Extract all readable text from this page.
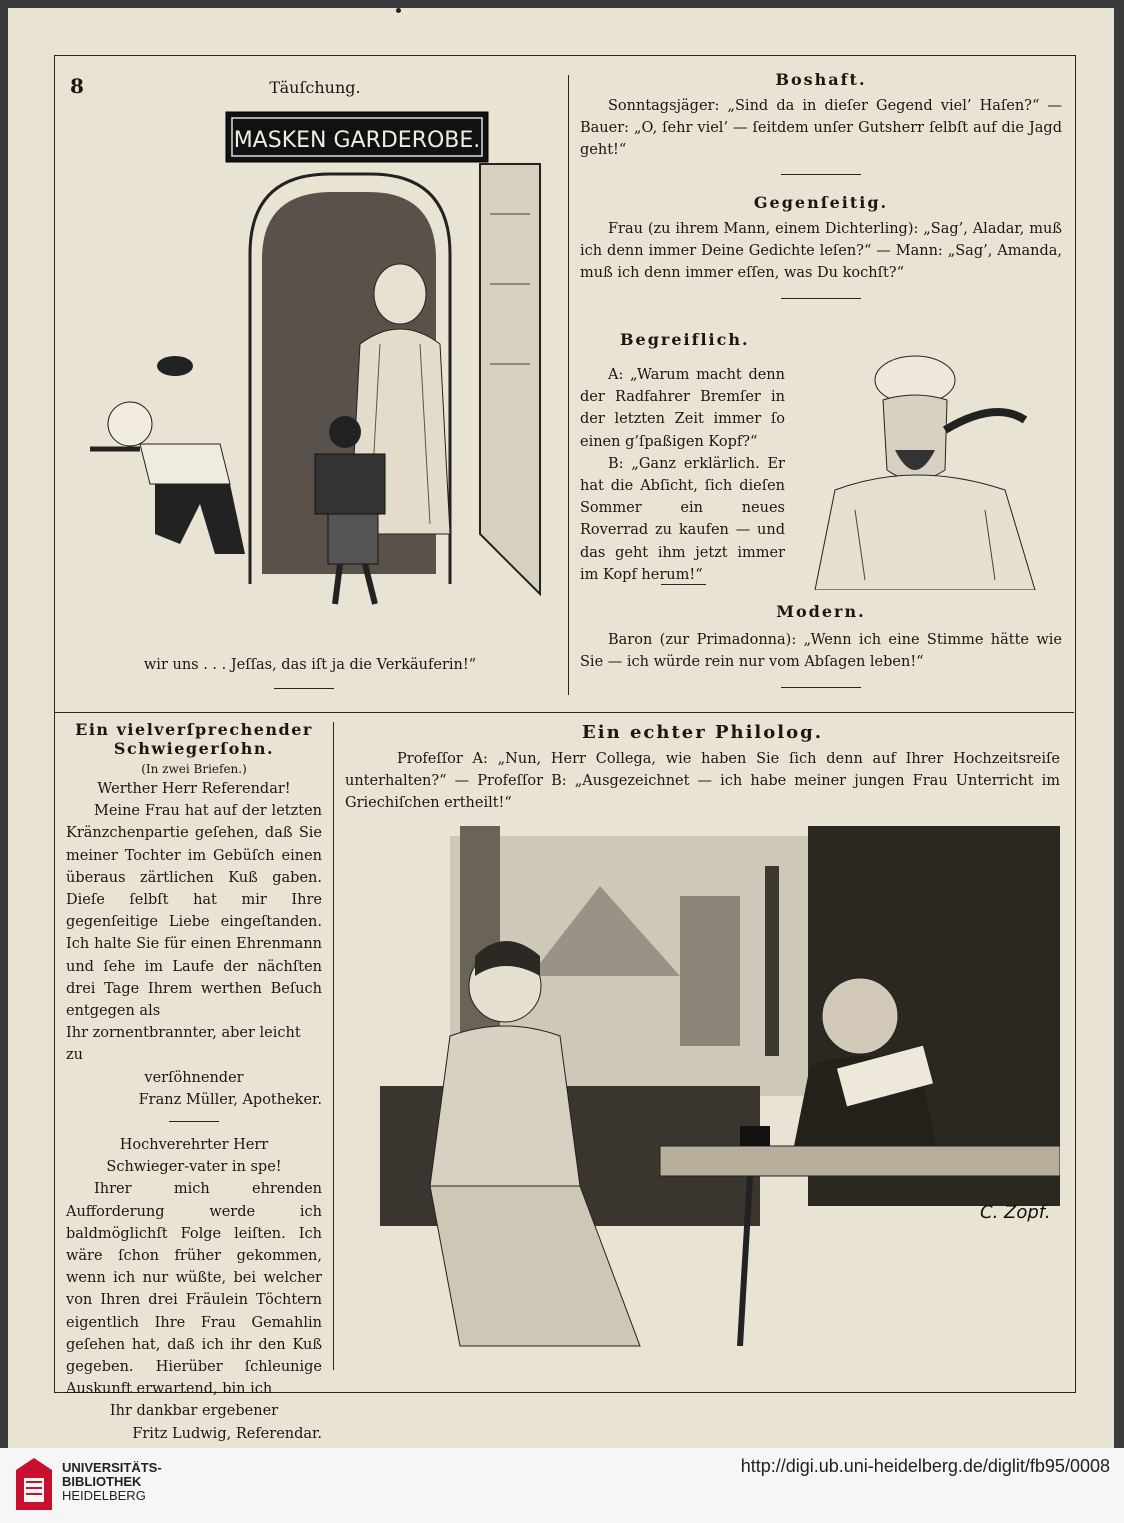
8	Täuſchung.
MASKEN GARDEROBE.
wir uns . . . Jeſſas, das iſt ja die Verkäuferin!“
Boshaft.

Sonntagsjäger: „Sind da in dieſer Gegend viel’ Haſen?“ — Bauer: „O, ſehr viel’ — ſeitdem unſer Gutsherr ſelbſt auf die Jagd geht!“

Gegenſeitig.

Frau (zu ihrem Mann, einem Dichterling): „Sag’, Aladar, muß ich denn immer Deine Gedichte leſen?“ — Mann: „Sag’, Amanda, muß ich denn immer eſſen, was Du kochſt?“

Begreiflich.

A: „Warum macht denn der Radfahrer Bremſer in der letzten Zeit immer ſo einen g’ſpaßigen Kopf?“

B: „Ganz erklärlich. Er hat die Abſicht, ſich dieſen Sommer ein neues Roverrad zu kaufen — und das geht ihm jetzt immer im Kopf herum!“

Modern.

Baron (zur Primadonna): „Wenn ich eine Stimme hätte wie Sie — ich würde rein nur vom Abſagen leben!“

Ein vielverſprechender
Schwiegerſohn.
(In zwei Briefen.)
Werther Herr Referendar!

Meine Frau hat auf der letzten Kränzchenpartie geſehen, daß Sie meiner Tochter im Gebüſch einen überaus zärtlichen Kuß gaben. Dieſe ſelbſt hat mir Ihre gegenſeitige Liebe eingeſtanden. Ich halte Sie für einen Ehrenmann und ſehe im Laufe der nächſten drei Tage Ihrem werthen Beſuch entgegen als

Ihr zornentbrannter, aber leicht zu
verſöhnender
Franz Müller, Apotheker.
Hochverehrter Herr Schwieger-vater in spe!

Ihrer mich ehrenden Aufforderung werde ich baldmöglichſt Folge leiſten. Ich wäre ſchon früher gekommen, wenn ich nur wüßte, bei welcher von Ihren drei Fräulein Töchtern eigentlich Ihre Frau Gemahlin geſehen hat, daß ich ihr den Kuß gegeben. Hierüber ſchleunige Auskunft erwartend, bin ich

Ihr dankbar ergebener
Fritz Ludwig, Referendar.
Ein echter Philolog.

Profeſſor A: „Nun, Herr Collega, wie haben Sie ſich denn auf Ihrer Hochzeitsreiſe unterhalten?“ — Profeſſor B: „Ausgezeichnet — ich habe meiner jungen Frau Unterricht im Griechiſchen ertheilt!“

C. Zopf.
UNIVERSITÄTS-
BIBLIOTHEK
HEIDELBERG
http://digi.ub.uni-heidelberg.de/diglit/fb95/0008
